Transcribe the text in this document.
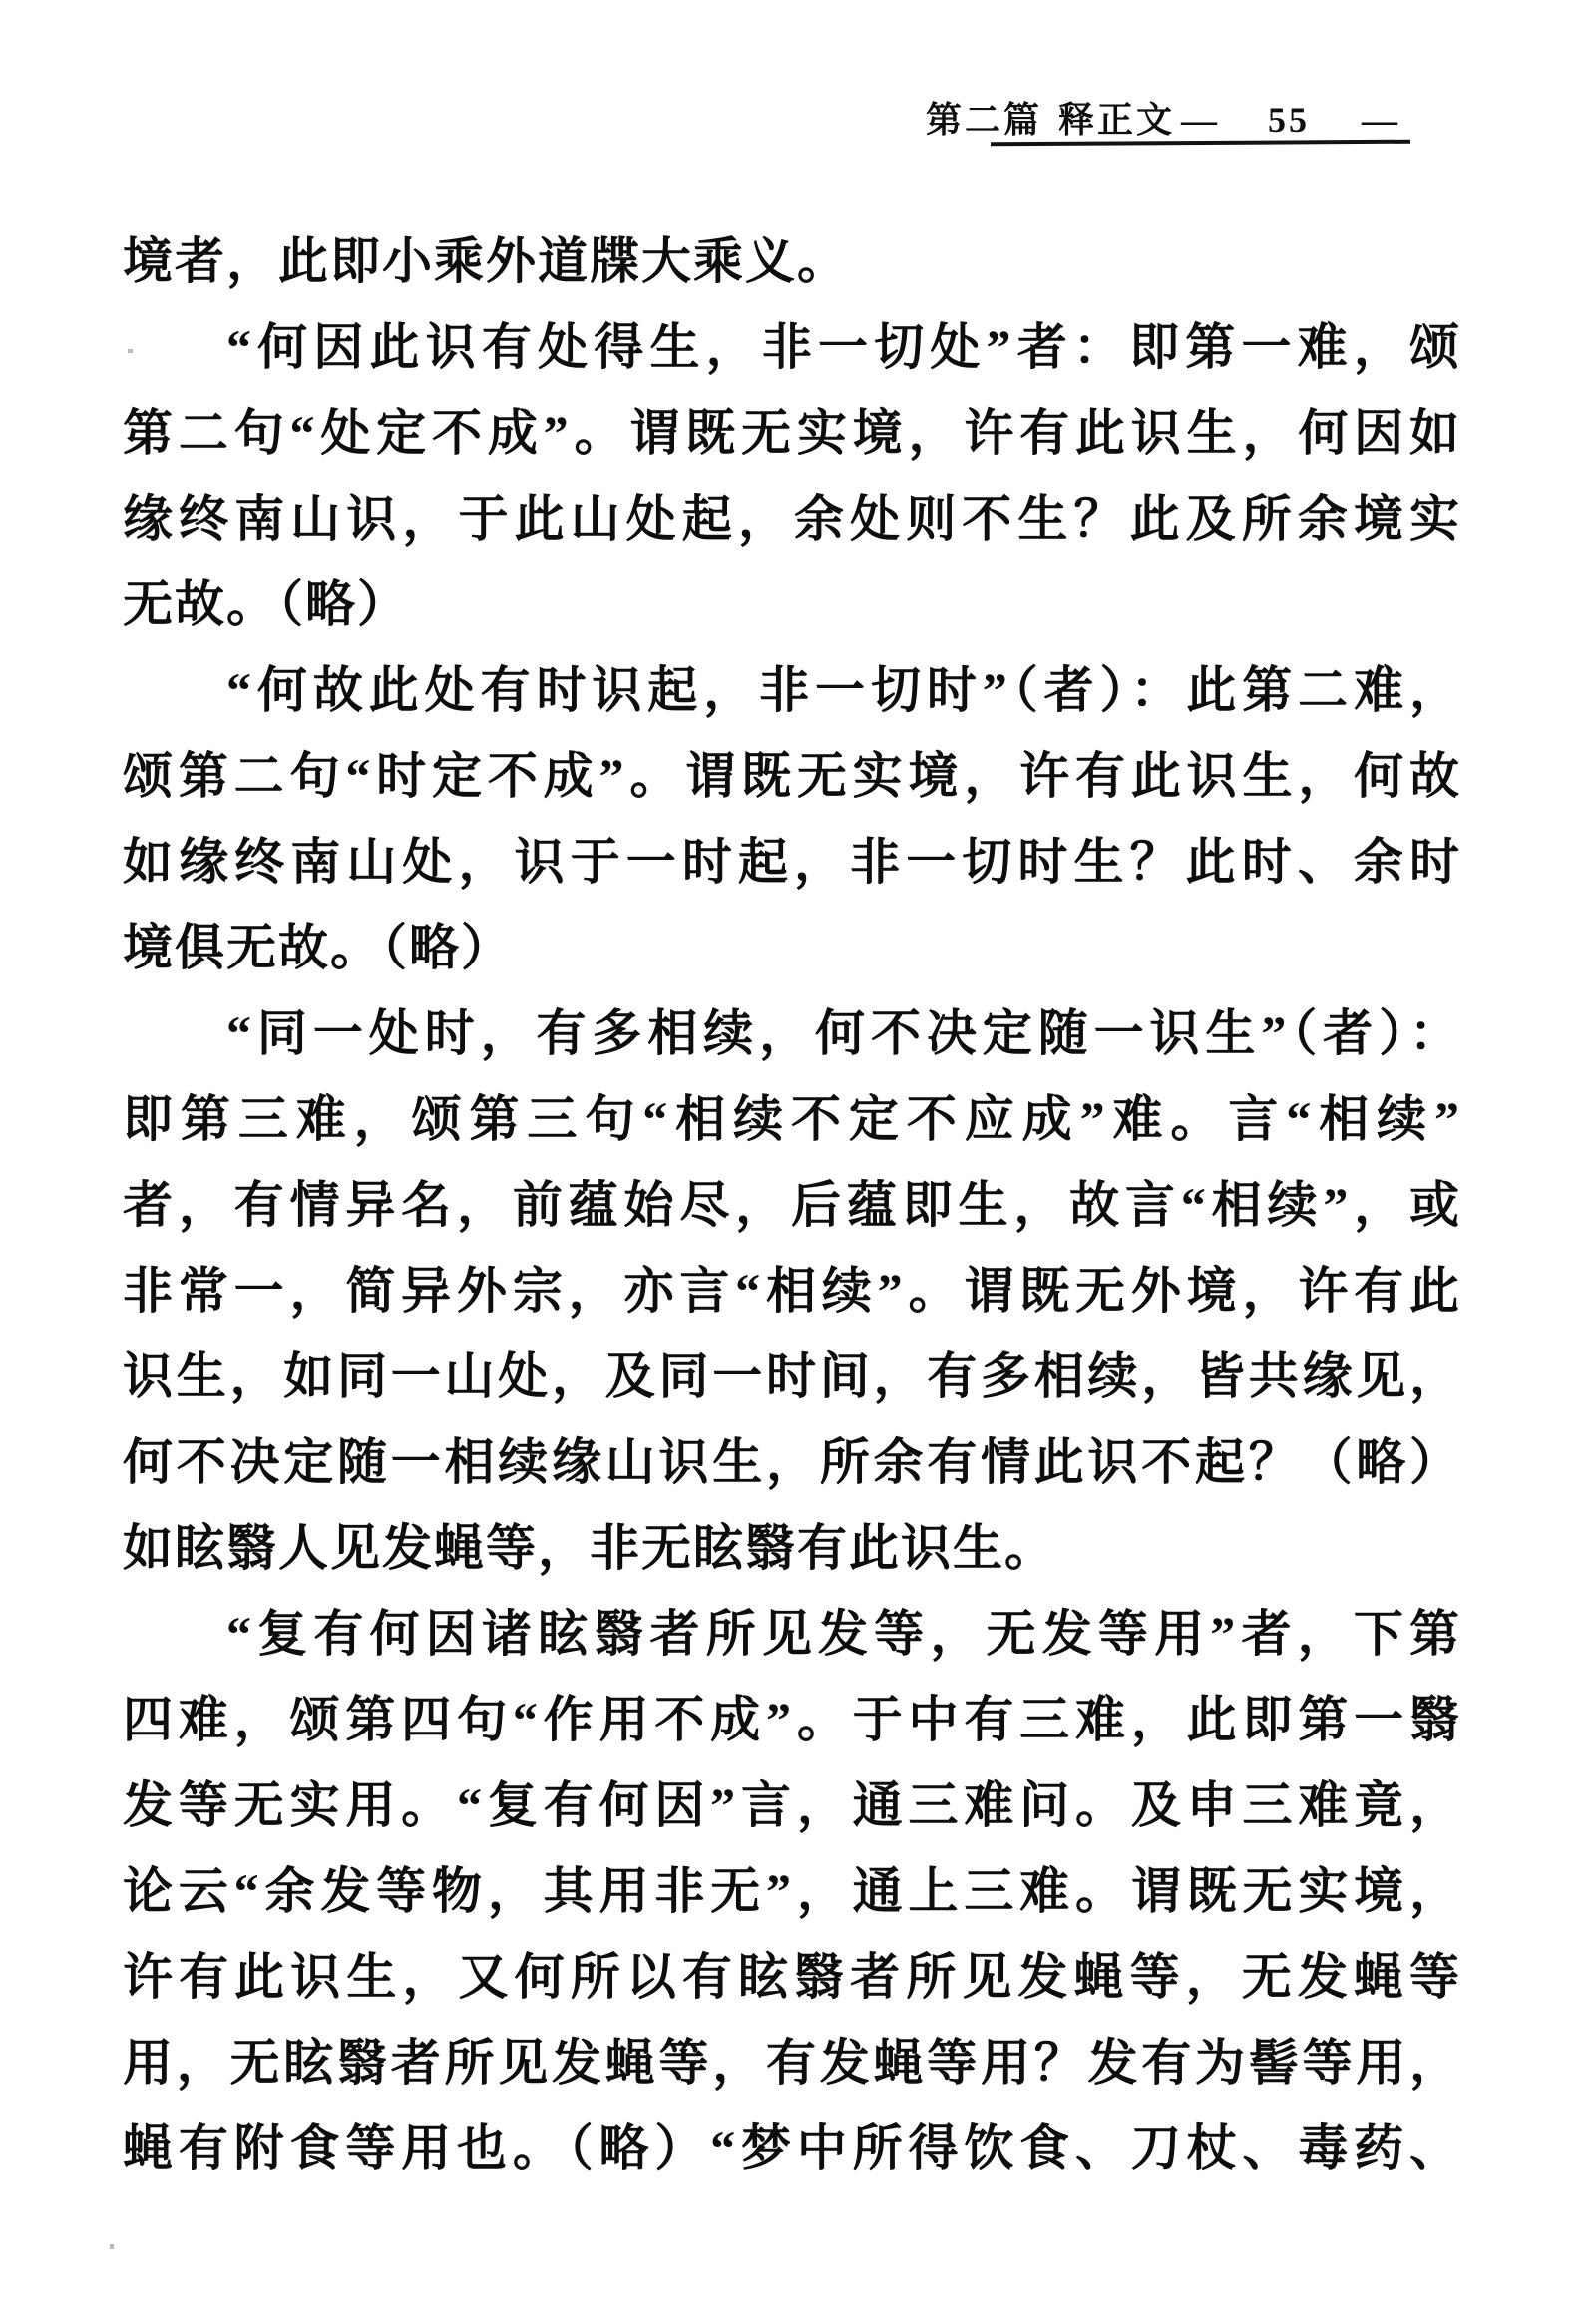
第二篇 释正文 — 55 —
境者，此即小乘外道牒大乘义。
“何因此识有处得生，非一切处”者：即第一难，颂
第二句“处定不成”。谓既无实境，许有此识生，何因如
缘终南山识，于此山处起，余处则不生？此及所余境实
无故。（略）
“何故此处有时识起，非一切时”（者）：此第二难，
颂第二句“时定不成”。谓既无实境，许有此识生，何故
如缘终南山处，识于一时起，非一切时生？此时、余时
境俱无故。（略）
“同一处时，有多相续，何不决定随一识生”（者）：
即第三难，颂第三句“相续不定不应成”难。言“相续”
者，有情异名，前蕴始尽，后蕴即生，故言“相续”，或
非常一，简异外宗，亦言“相续”。谓既无外境，许有此
识生，如同一山处，及同一时间，有多相续，皆共缘见，
何不决定随一相续缘山识生，所余有情此识不起？（略）
如眩翳人见发蝇等，非无眩翳有此识生。
“复有何因诸眩翳者所见发等，无发等用”者，下第
四难，颂第四句“作用不成”。于中有三难，此即第一翳
发等无实用。“复有何因”言，通三难问。及申三难竟，
论云“余发等物，其用非无”，通上三难。谓既无实境，
许有此识生，又何所以有眩翳者所见发蝇等，无发蝇等
用，无眩翳者所见发蝇等，有发蝇等用？发有为髻等用，
蝇有附食等用也。（略）“梦中所得饮食、刀杖、毒药、
